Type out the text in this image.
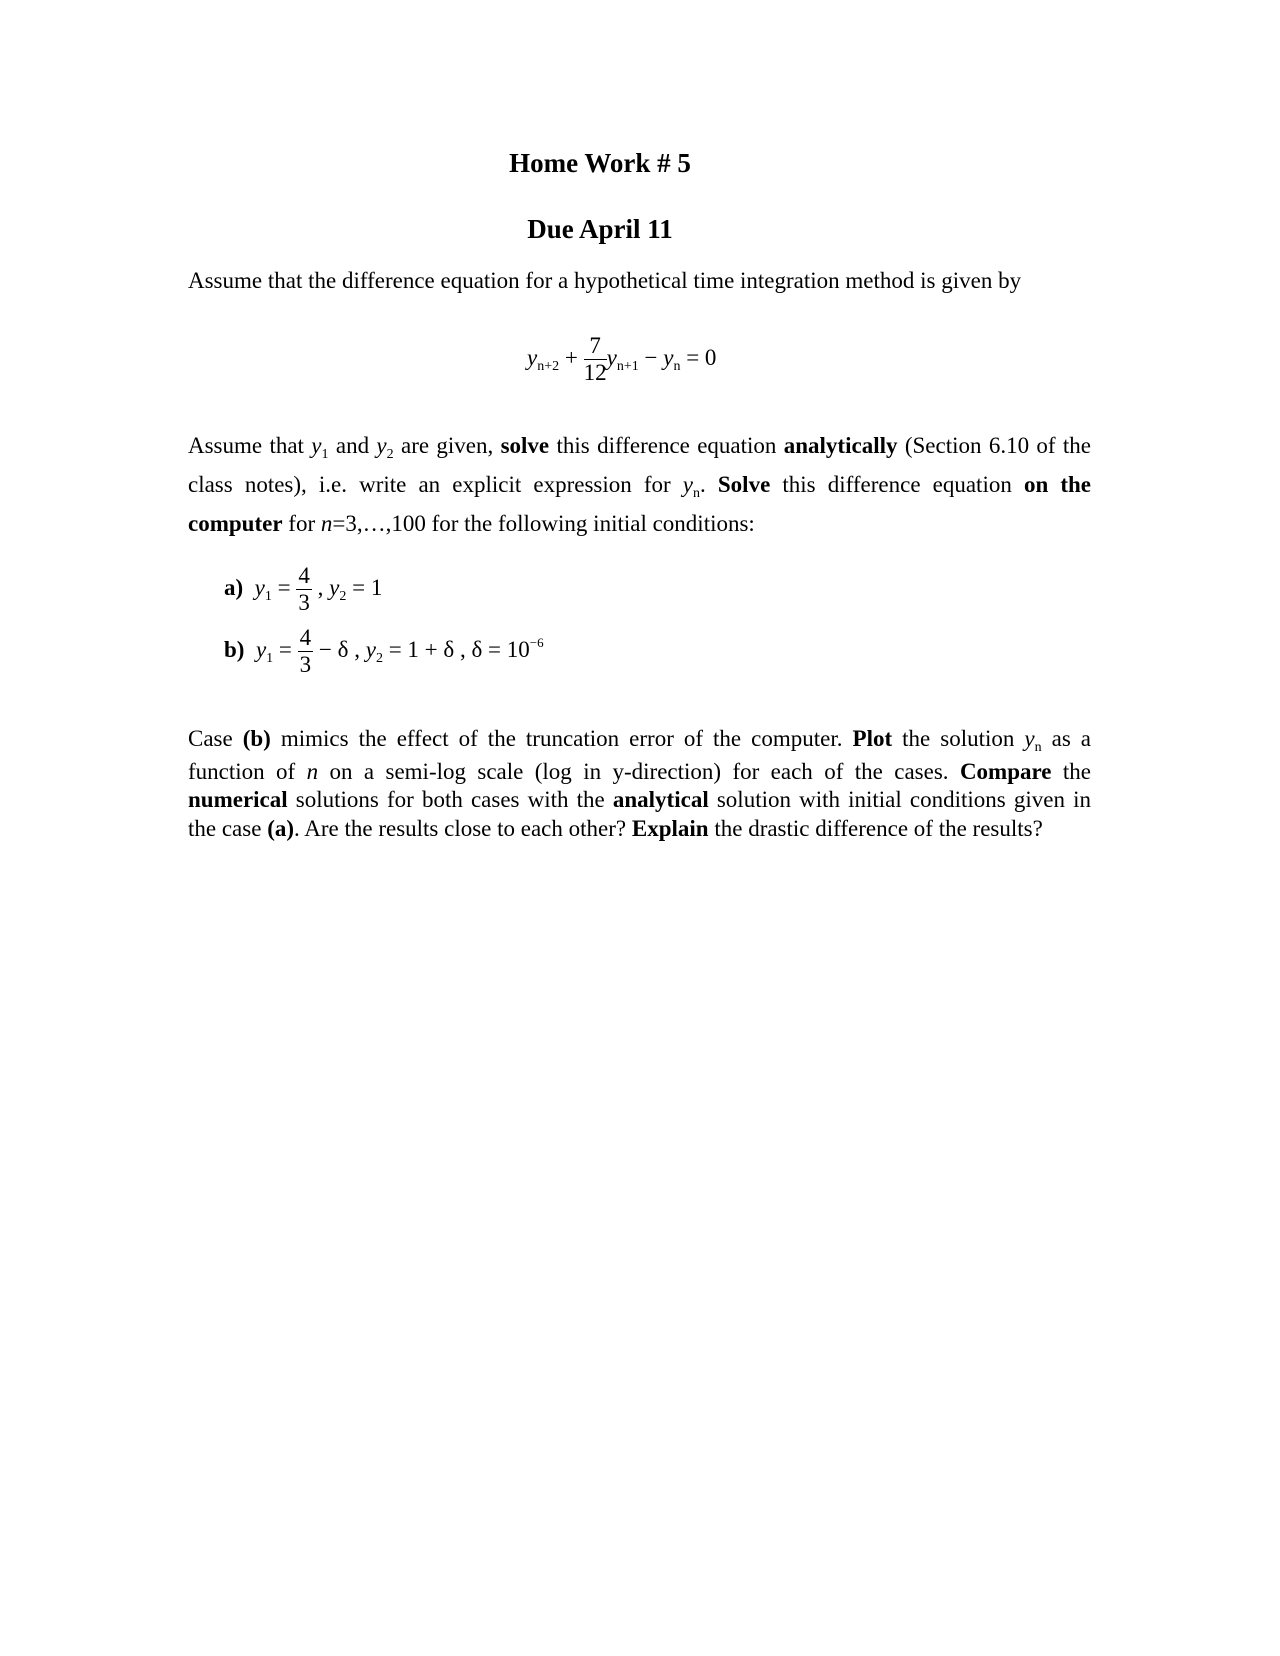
Home Work # 5
Due April 11
Assume that the difference equation for a hypothetical time integration method is given by
$y_{n+2} + \frac{7}{12} y_{n+1} - y_n = 0$
Assume that $y_1$ and $y_2$ are given, solve this difference equation analytically (Section 6.10 of the class notes), i.e. write an explicit expression for $y_n$. Solve this difference equation on the computer for n=3,…,100 for the following initial conditions:
a) $y_1 = \frac{4}{3}$ , $y_2 = 1$
b) $y_1 = \frac{4}{3} - \delta$ , $y_2 = 1 + \delta$ , $\delta = 10^{-6}$
Case (b) mimics the effect of the truncation error of the computer. Plot the solution $y_n$ as a function of n on a semi-log scale (log in y-direction) for each of the cases. Compare the numerical solutions for both cases with the analytical solution with initial conditions given in the case (a). Are the results close to each other? Explain the drastic difference of the results?
